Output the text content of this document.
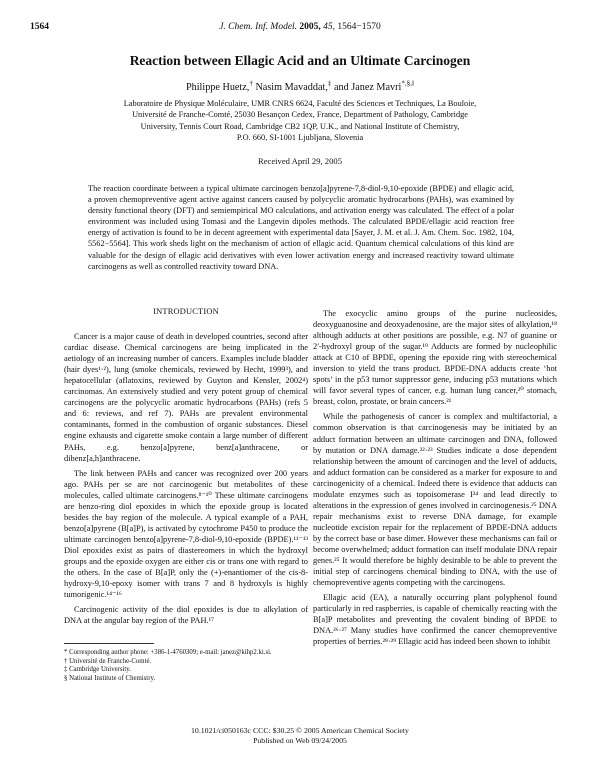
1564	J. Chem. Inf. Model. 2005, 45, 1564−1570
Reaction between Ellagic Acid and an Ultimate Carcinogen
Philippe Huetz,† Nasim Mavaddat,‡ and Janez Mavri*,§,‖
Laboratoire de Physique Moléculaire, UMR CNRS 6624, Faculté des Sciences et Techniques, La Bouloie,
Université de Franche-Comté, 25030 Besançon Cedex, France, Department of Pathology, Cambridge
University, Tennis Court Road, Cambridge CB2 1QP, U.K., and National Institute of Chemistry,
P.O. 660, SI-1001 Ljubljana, Slovenia
Received April 29, 2005
The reaction coordinate between a typical ultimate carcinogen benzo[a]pyrene-7,8-diol-9,10-epoxide (BPDE) and ellagic acid, a proven chemopreventive agent active against cancers caused by polycyclic aromatic hydrocarbons (PAHs), was examined by density functional theory (DFT) and semiempirical MO calculations, and activation energy was calculated. The effect of a polar environment was included using Tomasi and the Langevin dipoles methods. The calculated BPDE/ellagic acid reaction free energy of activation is found to be in decent agreement with experimental data [Sayer, J. M. et al. J. Am. Chem. Soc. 1982, 104, 5562−5564]. This work sheds light on the mechanism of action of ellagic acid. Quantum chemical calculations of this kind are valuable for the design of ellagic acid derivatives with even lower activation energy and increased reactivity toward ultimate carcinogens as well as controlled reactivity toward DNA.
INTRODUCTION

Cancer is a major cause of death in developed countries, second after cardiac disease. Chemical carcinogens are being implicated in the aetiology of an increasing number of cancers. Examples include bladder (hair dyes¹·²), lung (smoke chemicals, reviewed by Hecht, 1999³), and hepatocellular (aflatoxins, reviewed by Guyton and Kensler, 2002⁴) carcinomas. An extensively studied and very potent group of chemical carcinogens are the polycyclic aromatic hydrocarbons (PAHs) (refs 5 and 6: reviews, and ref 7). PAHs are prevalent environmental contaminants, formed in the combustion of organic substances. Diesel engine exhausts and cigarette smoke contain a large number of different PAHs, e.g. benzo[a]pyrene, benz[a]anthracene, or dibenz[a,h]anthracene.

The link between PAHs and cancer was recognized over 200 years ago. PAHs per se are not carcinogenic but metabolites of these molecules, called ultimate carcinogens.⁸⁻¹⁰ These ultimate carcinogens are benzo-ring diol epoxides in which the epoxide group is located besides the bay region of the molecule. A typical example of a PAH, benzo[a]pyrene (B[a]P), is activated by cytochrome P450 to produce the ultimate carcinogen benzo[a]pyrene-7,8-diol-9,10-epoxide (BPDE).¹¹⁻¹³ Diol epoxides exist as pairs of diastereomers in which the hydroxyl groups and the epoxide oxygen are either cis or trans one with regard to the others. In the case of B[a]P, only the (+)-enantiomer of the cis-8-hydroxy-9,10-epoxy isomer with trans 7 and 8 hydroxyls is highly tumorigenic.¹⁴⁻¹⁶

Carcinogenic activity of the diol epoxides is due to alkylation of DNA at the angular bay region of the PAH.¹⁷

The exocyclic amino groups of the purine nucleosides, deoxyguanosine and deoxyadenosine, are the major sites of alkylation,¹⁸ although adducts at other positions are possible, e.g. N7 of guanine or 2′-hydroxyl group of the sugar.¹⁹ Adducts are formed by nucleophilic attack at C10 of BPDE, opening the epoxide ring with stereochemical inversion to yield the trans product. BPDE-DNA adducts create ‘hot spots’ in the p53 tumor suppressor gene, inducing p53 mutations which will favor several types of cancer, e.g. human lung cancer,²⁰ stomach, breast, colon, prostate, or brain cancers.²¹

While the pathogenesis of cancer is complex and multifactorial, a common observation is that carcinogenesis may be initiated by an adduct formation between an ultimate carcinogen and DNA, followed by mutation or DNA damage.²²·²³ Studies indicate a dose dependent relationship between the amount of carcinogen and the level of adducts, and adduct formation can be considered as a marker for exposure to and carcinogenicity of a chemical. Indeed there is evidence that adducts can modulate enzymes such as topoisomerase I²⁴ and lead directly to alterations in the expression of genes involved in carcinogenesis.²⁵ DNA repair mechanisms exist to reverse DNA damage, for example nucleotide excision repair for the replacement of BPDE-DNA adducts by the correct base or base dimer. However these mechanisms can fail or become overwhelmed; adduct formation can itself modulate DNA repair genes.²⁵ It would therefore be highly desirable to be able to prevent the initial step of carcinogens chemical binding to DNA, with the use of chemopreventive agents competing with the carcinogens.

Ellagic acid (EA), a naturally occurring plant polyphenol found particularly in red raspberries, is capable of chemically reacting with the B[a]P metabolites and preventing the covalent binding of BPDE to DNA.²⁶·²⁷ Many studies have confirmed the cancer chemopreventive properties of berries.²⁸·²⁹ Ellagic acid has indeed been shown to inhibit

* Corresponding author phone: +386-1-4760309; e-mail: janez@kihp2.ki.si.
† Université de Franche-Comté.
‡ Cambridge University.
§ National Institute of Chemistry.
10.1021/ci050163c CCC: $30.25 © 2005 American Chemical Society
Published on Web 09/24/2005
